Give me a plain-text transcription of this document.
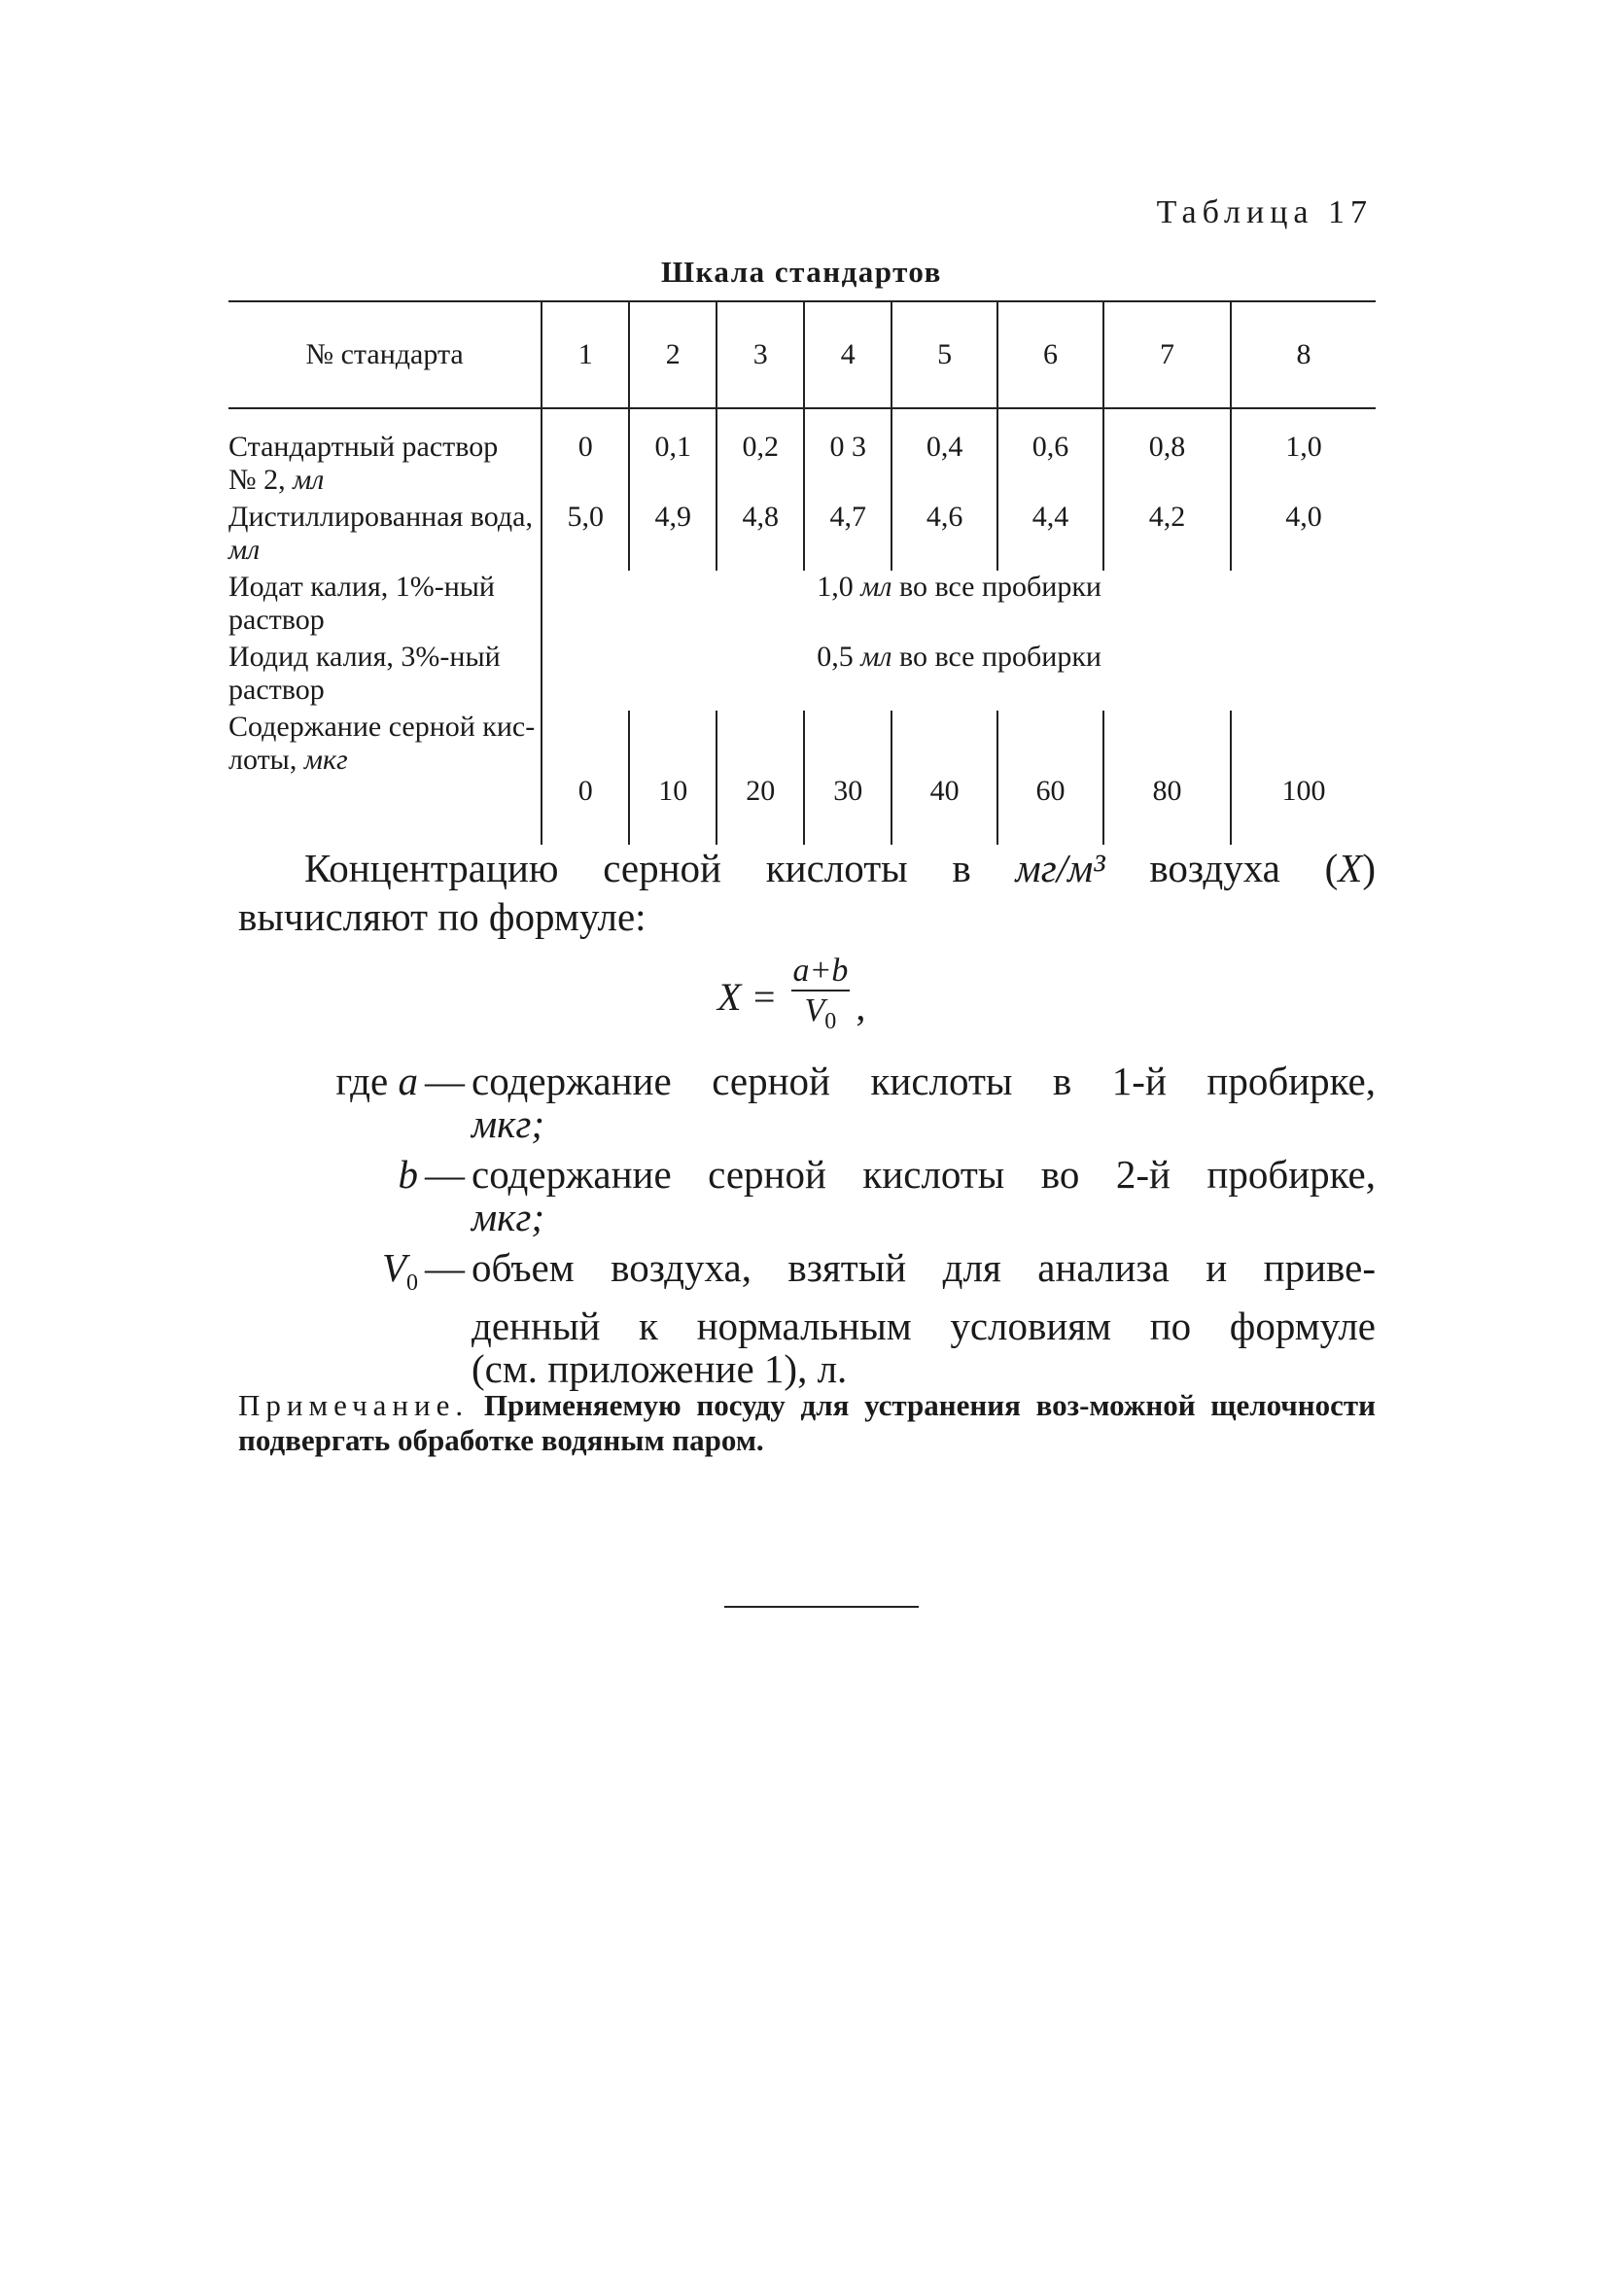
Таблица 17
Шкала стандартов
№ стандарта	1	2	3	4	5	6	7	8

Стандартный раствор
№ 2, мл	0	0,1	0,2	0 3	0,4	0,6	0,8	1,0
Дистиллированная вода,
мл	5,0	4,9	4,8	4,7	4,6	4,4	4,2	4,0
Иодат калия, 1%-ный
раствор	1,0 мл во все пробирки							
Иодид калия, 3%-ный
раствор	0,5 мл во все пробирки							
Содержание серной кис-
лоты, мкг	0	10	20	30	40	60	80	100
Концентрацию серной кислоты в мг/м³ воздуха (X)
вычисляют по формуле:
$X = \frac{a+b}{V_0}$ ,
где a — содержание серной кислоты в 1-й пробирке,
мкг;
b — содержание серной кислоты во 2-й пробирке,
мкг;
$V_0$ — объем воздуха, взятый для анализа и приве-
денный к нормальным условиям по формуле
(см. приложение 1), л.
Примечание. Применяемую посуду для устранения воз-можной щелочности подвергать обработке водяным паром.
